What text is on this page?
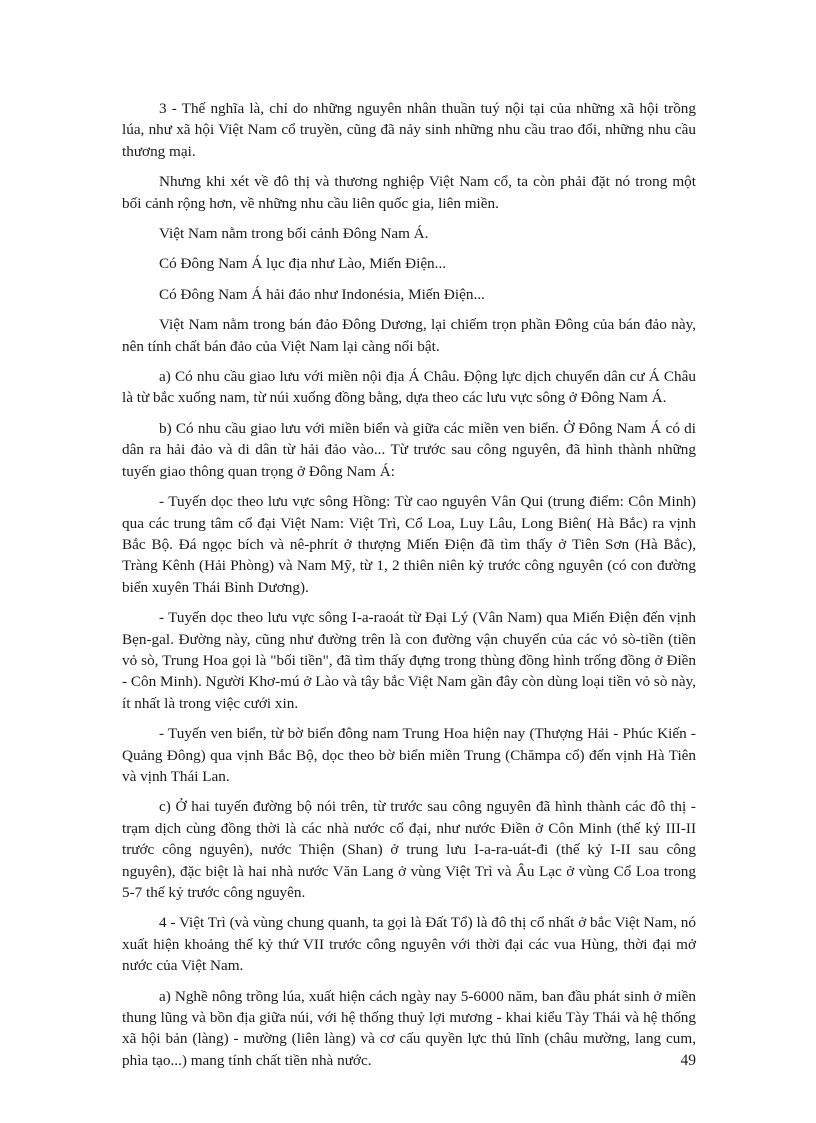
3 - Thế nghĩa là, chỉ do những nguyên nhân thuần tuý nội tại của những xã hội trồng lúa, như xã hội Việt Nam cổ truyền, cũng đã nảy sinh những nhu cầu trao đổi, những nhu cầu thương mại.

Nhưng khi xét về đô thị và thương nghiệp Việt Nam cổ, ta còn phải đặt nó trong một bối cảnh rộng hơn, về những nhu cầu liên quốc gia, liên miền.

Việt Nam nằm trong bối cảnh Đông Nam Á.

Có Đông Nam Á lục địa như Lào, Miến Điện...

Có Đông Nam Á hải đảo như Indonésia, Miến Điện...

Việt Nam nằm trong bán đảo Đông Dương, lại chiếm trọn phần Đông của bán đảo này, nên tính chất bán đảo của Việt Nam lại càng nổi bật.

a) Có nhu cầu giao lưu với miền nội địa Á Châu. Động lực dịch chuyển dân cư Á Châu là từ bắc xuống nam, từ núi xuống đồng bằng, dựa theo các lưu vực sông ở Đông Nam Á.

b) Có nhu cầu giao lưu với miền biển và giữa các miền ven biển. Ở Đông Nam Á có di dân ra hải đảo và di dân từ hải đảo vào... Từ trước sau công nguyên, đã hình thành những tuyến giao thông quan trọng ở Đông Nam Á:

- Tuyến dọc theo lưu vực sông Hồng: Từ cao nguyên Vân Qui (trung điểm: Côn Minh) qua các trung tâm cổ đại Việt Nam: Việt Trì, Cổ Loa, Luy Lâu, Long Biên( Hà Bắc) ra vịnh Bắc Bộ. Đá ngọc bích và nê-phrít ở thượng Miến Điện đã tìm thấy ở Tiên Sơn (Hà Bắc), Tràng Kênh (Hải Phòng) và Nam Mỹ, từ 1, 2 thiên niên kỷ trước công nguyên (có con đường biển xuyên Thái Bình Dương).

- Tuyến dọc theo lưu vực sông I-a-raoát từ Đại Lý (Vân Nam) qua Miến Điện đến vịnh Bẹn-gal. Đường này, cũng như đường trên là con đường vận chuyển của các vỏ sò-tiền (tiền vỏ sò, Trung Hoa gọi là "bối tiền", đã tìm thấy đựng trong thùng đồng hình trống đồng ở Điền - Côn Minh). Người Khơ-mú ở Lào và tây bắc Việt Nam gần đây còn dùng loại tiền vỏ sò này, ít nhất là trong việc cưới xin.

- Tuyến ven biển, từ bờ biển đông nam Trung Hoa hiện nay (Thượng Hải - Phúc Kiến - Quảng Đông) qua vịnh Bắc Bộ, dọc theo bờ biển miền Trung (Chămpa cổ) đến vịnh Hà Tiên và vịnh Thái Lan.

c) Ở hai tuyến đường bộ nói trên, từ trước sau công nguyên đã hình thành các đô thị - trạm dịch cùng đồng thời là các nhà nước cổ đại, như nước Điền ở Côn Minh (thế kỷ III-II trước công nguyên), nước Thiện (Shan) ở trung lưu I-a-ra-uát-đi (thế kỷ I-II sau công nguyên), đặc biệt là hai nhà nước Văn Lang ở vùng Việt Trì và Âu Lạc ở vùng Cổ Loa trong 5-7 thế kỷ trước công nguyên.

4 - Việt Trì (và vùng chung quanh, ta gọi là Đất Tổ) là đô thị cổ nhất ở bắc Việt Nam, nó xuất hiện khoảng thế kỷ thứ VII trước công nguyên với thời đại các vua Hùng, thời đại mở nước của Việt Nam.

a) Nghề nông trồng lúa, xuất hiện cách ngày nay 5-6000 năm, ban đầu phát sinh ở miền thung lũng và bồn địa giữa núi, với hệ thống thuỷ lợi mương - khai kiểu Tày Thái và hệ thống xã hội bản (làng) - mường (liên làng) và cơ cấu quyền lực thủ lĩnh (châu mường, lang cum, phìa tạo...) mang tính chất tiền nhà nước.	49
